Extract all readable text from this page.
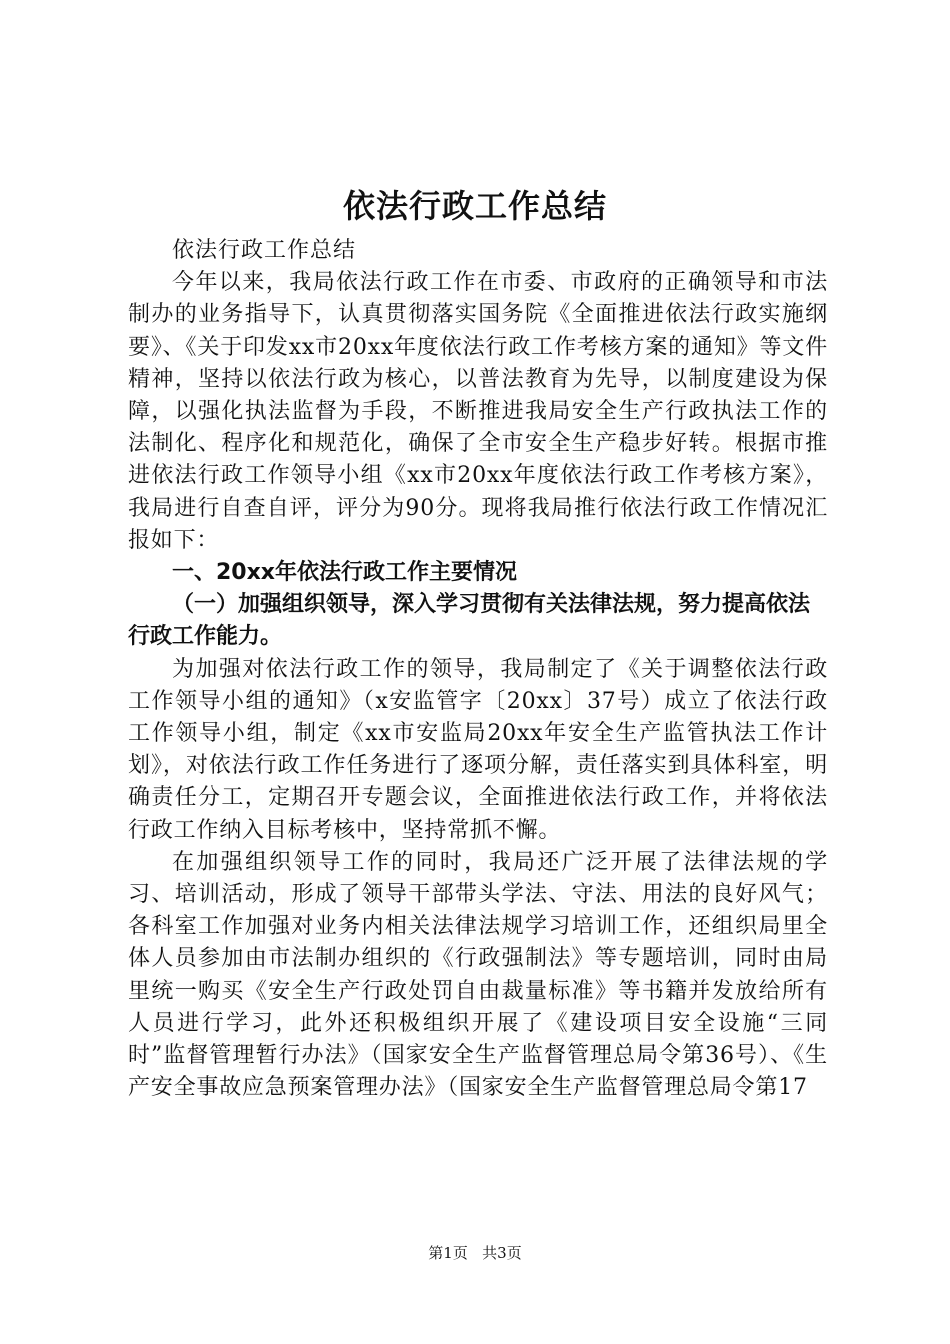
依法行政工作总结

依法行政工作总结

今年以来，我局依法行政工作在市委、市政府的正确领导和市法制办的业务指导下，认真贯彻落实国务院《全面推进依法行政实施纲要》、《关于印发xx市20xx年度依法行政工作考核方案的通知》等文件精神，坚持以依法行政为核心，以普法教育为先导，以制度建设为保障，以强化执法监督为手段，不断推进我局安全生产行政执法工作的法制化、程序化和规范化，确保了全市安全生产稳步好转。根据市推进依法行政工作领导小组《xx市20xx年度依法行政工作考核方案》，我局进行自查自评，评分为90分。现将我局推行依法行政工作情况汇报如下：

一、20xx年依法行政工作主要情况

（一）加强组织领导，深入学习贯彻有关法律法规，努力提高依法行政工作能力。

为加强对依法行政工作的领导，我局制定了《关于调整依法行政工作领导小组的通知》（x安监管字〔20xx〕37号）成立了依法行政工作领导小组，制定《xx市安监局20xx年安全生产监管执法工作计划》，对依法行政工作任务进行了逐项分解，责任落实到具体科室，明确责任分工，定期召开专题会议，全面推进依法行政工作，并将依法行政工作纳入目标考核中，坚持常抓不懈。

在加强组织领导工作的同时，我局还广泛开展了法律法规的学习、培训活动，形成了领导干部带头学法、守法、用法的良好风气；各科室工作加强对业务内相关法律法规学习培训工作，还组织局里全体人员参加由市法制办组织的《行政强制法》等专题培训，同时由局里统一购买《安全生产行政处罚自由裁量标准》等书籍并发放给所有人员进行学习，此外还积极组织开展了《建设项目安全设施“三同时”监督管理暂行办法》（国家安全生产监督管理总局令第36号）、《生产安全事故应急预案管理办法》（国家安全生产监督管理总局令第17

第1页 共3页
